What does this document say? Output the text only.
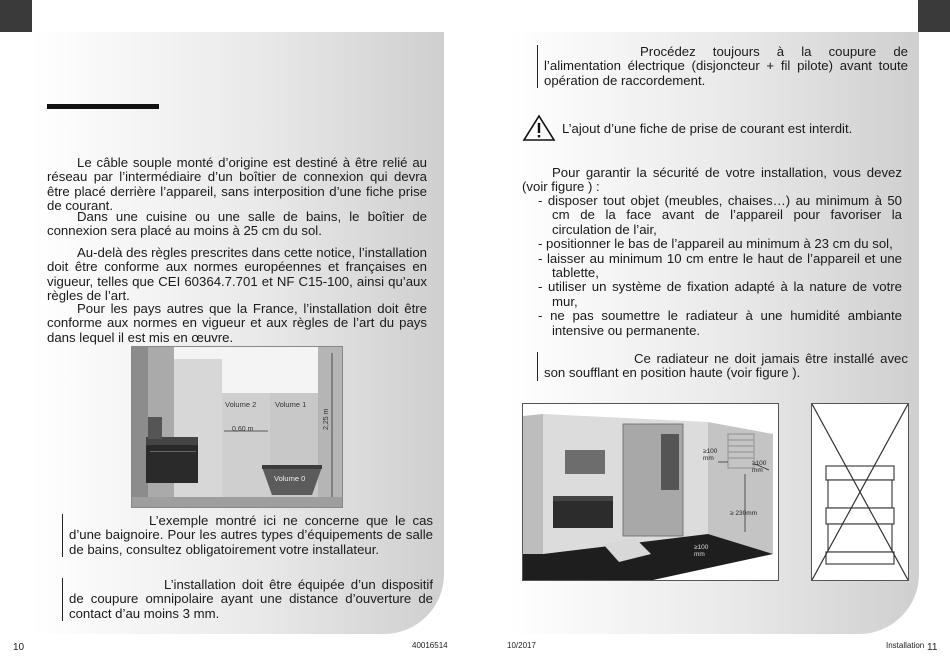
Le câble souple monté d’origine est destiné à être relié au réseau par l’intermédiaire d’un boîtier de connexion qui devra être placé derrière l’appareil, sans interposition d’une fiche prise de courant.
Dans une cuisine ou une salle de bains, le boîtier de connexion sera placé au moins à 25 cm du sol.
Au-delà des règles prescrites dans cette notice, l’installation doit être conforme aux normes européennes et françaises en vigueur, telles que CEI 60364.7.701 et NF C15-100, ainsi qu’aux règles de l’art.
Pour les pays autres que la France, l’installation doit être conforme aux normes en vigueur et aux règles de l’art du pays dans lequel il est mis en œuvre.
Volume 2 Volume 1
Volume 0
0,60 m	2,25 m
L’exemple montré ici ne concerne que le cas d’une baignoire. Pour les autres types d’équipements de salle de bains, consultez obligatoirement votre installateur.
L’installation doit être équipée d’un dispositif de coupure omnipolaire ayant une distance d’ouverture de contact d’au moins 3 mm.
10	40016514
Procédez toujours à la coupure de l’alimentation électrique (disjoncteur + fil pilote) avant toute opération de raccordement.
L’ajout d’une fiche de prise de courant est interdit.
Pour garantir la sécurité de votre installation, vous devez (voir figure ) :
- disposer tout objet (meubles, chaises…) au minimum à 50 cm de la face avant de l’appareil pour favoriser la circulation de l’air,
- positionner le bas de l’appareil au minimum à 23 cm du sol,
- laisser au minimum 10 cm entre le haut de l’appareil et une tablette,
- utiliser un système de fixation adapté à la nature de votre mur,
- ne pas soumettre le radiateur à une humidité ambiante intensive ou permanente.
Ce radiateur ne doit jamais être installé avec son soufflant en position haute (voir figure ).
≥100 mm
≥100 mm
≥ 230mm
≥100 mm
10/2017	Installation 11
